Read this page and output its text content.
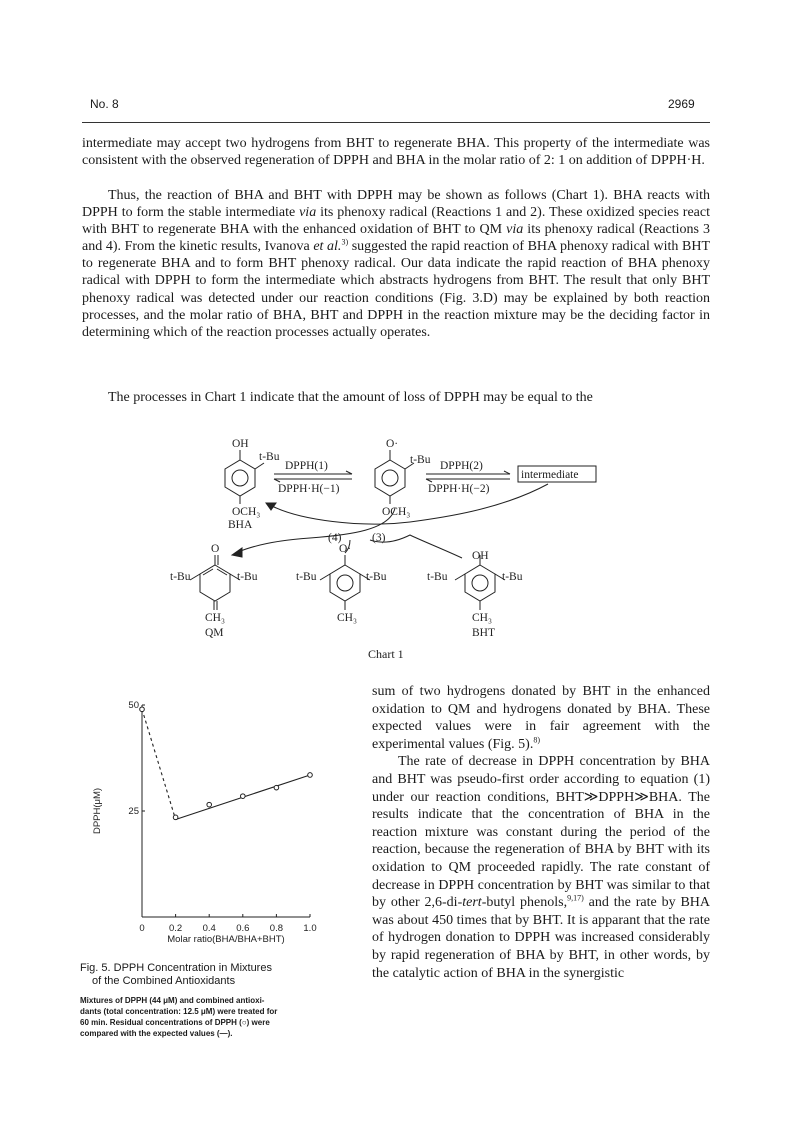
No. 8	2969

intermediate may accept two hydrogens from BHT to regenerate BHA. This property of the intermediate was consistent with the observed regeneration of DPPH and BHA in the molar ratio of 2: 1 on addition of DPPH·H.

Thus, the reaction of BHA and BHT with DPPH may be shown as follows (Chart 1). BHA reacts with DPPH to form the stable intermediate via its phenoxy radical (Reactions 1 and 2). These oxidized species react with BHT to regenerate BHA with the enhanced oxidation of BHT to QM via its phenoxy radical (Reactions 3 and 4). From the kinetic results, Ivanova et al.$^{3)}$ suggested the rapid reaction of BHA phenoxy radical with BHT to regenerate BHA and to form BHT phenoxy radical. Our data indicate the rapid reaction of BHA phenoxy radical with DPPH to form the intermediate which abstracts hydrogens from BHT. The result that only BHT phenoxy radical was detected under our reaction conditions (Fig. 3.D) may be explained by both reaction processes, and the molar ratio of BHA, BHT and DPPH in the reaction mixture may be the deciding factor in determining which of the reaction processes actually operates.

The processes in Chart 1 indicate that the amount of loss of DPPH may be equal to the

OH
t-Bu
OCH₃
BHA
O·
t-Bu
OCH₃
DPPH(1)
DPPH·H(−1)
DPPH(2)
DPPH·H(−2)
intermediate
(4)	(3)
O
t-Bu	t-Bu
CH₃
QM
O·
t-Bu	t-Bu
CH₃
OH
t-Bu	t-Bu
CH₃
BHT
Chart 1

sum of two hydrogens donated by BHT in the enhanced oxidation to QM and hydrogens donated by BHA. These expected values were in fair agreement with the experimental values (Fig. 5).$^{8)}$
The rate of decrease in DPPH concentration by BHA and BHT was pseudo-first order according to equation (1) under our reaction conditions, BHT≫DPPH≫BHA. The results indicate that the concentration of BHA in the reaction mixture was constant during the period of the reaction, because the regeneration of BHA by BHT with its oxidation to QM proceeded rapidly. The rate constant of decrease in DPPH concentration by BHT was similar to that by other 2,6-di-tert-butyl phenols,$^{9,17)}$ and the rate by BHA was about 450 times that by BHT. It is apparant that the rate of hydrogen donation to DPPH was increased considerably by rapid regeneration of BHA by BHT, in other words, by the catalytic action of BHA in the synergistic

0	0.2 0.4 0.6 0.8 1.0
25
50
Molar ratio(BHA/BHA+BHT)
DPPH(μM)
Fig. 5. DPPH Concentration in Mixtures
of the Combined Antioxidants
Mixtures of DPPH (44 μM) and combined antioxi-
dants (total concentration: 12.5 μM) were treated for
60 min. Residual concentrations of DPPH (○) were
compared with the expected values (—).
